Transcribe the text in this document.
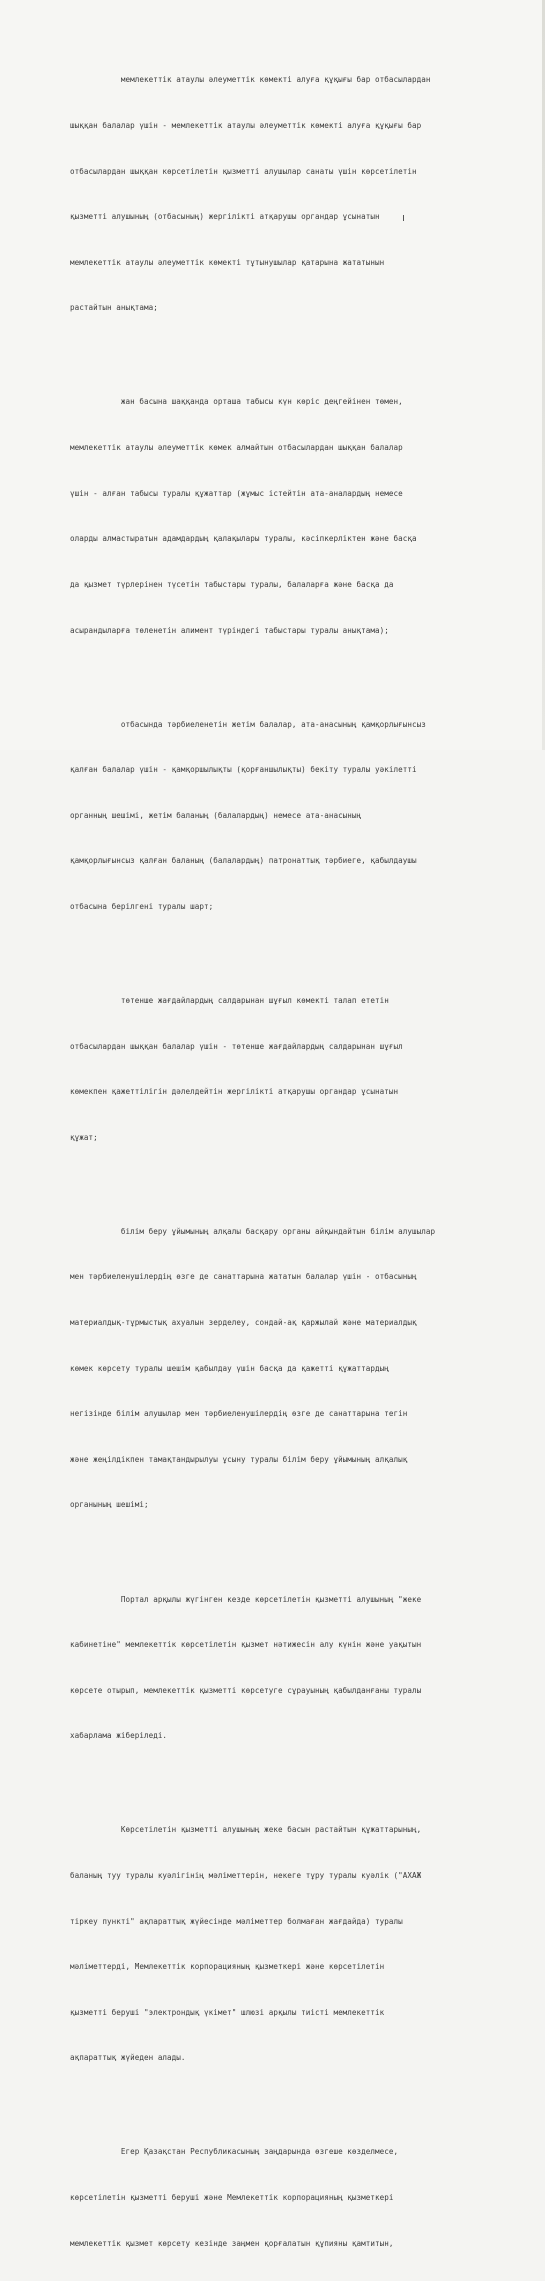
мемлекеттік атаулы әлеуметтік көмекті алуға құқығы бар отбасылардан

шыққан балалар үшін - мемлекеттік атаулы әлеуметтік көмекті алуға құқығы бар

отбасылардан шыққан көрсетілетін қызметті алушылар санаты үшін көрсетілетін

қызметті алушының (отбасының) жергілікті атқарушы органдар ұсынатын

мемлекеттік атаулы әлеуметтік көмекті тұтынушылар қатарына жататынын

растайтын анықтама;

жан басына шаққанда орташа табысы күн көріс деңгейінен төмен,

мемлекеттік атаулы әлеуметтік көмек алмайтын отбасылардан шыққан балалар

үшін - алған табысы туралы құжаттар (жұмыс істейтін ата-аналардың немесе

оларды алмастыратын адамдардың қалақылары туралы, кәсіпкерліктен және басқа

да қызмет түрлерінен түсетін табыстары туралы, балаларға және басқа да

асырандыларға төленетін алимент түріндегі табыстары туралы анықтама);

отбасында тәрбиеленетін жетім балалар, ата-анасының қамқорлығынсыз

қалған балалар үшін - қамқоршылықты (қорғаншылықты) бекіту туралы уәкілетті

органның шешімі, жетім баланың (балалардың) немесе ата-анасының

қамқорлығынсыз қалған баланың (балалардың) патронаттық тәрбиеге, қабылдаушы

отбасына берілгені туралы шарт;

төтенше жағдайлардың салдарынан шұғыл көмекті талап ететін

отбасылардан шыққан балалар үшін - төтенше жағдайлардың салдарынан шұғыл

көмекпен қажеттілігін дәлелдейтін жергілікті атқарушы органдар ұсынатын

құжат;

білім беру ұйымының алқалы басқару органы айқындайтын білім алушылар

мен тәрбиеленушілердің өзге де санаттарына жататын балалар үшін - отбасының

материалдық-тұрмыстық ахуалын зерделеу, сондай-ақ қаржылай және материалдық

көмек көрсету туралы шешім қабылдау үшін басқа да қажетті құжаттардың

негізінде білім алушылар мен тәрбиеленушілердің өзге де санаттарына тегін

және жеңілдікпен тамақтандырылуы ұсыну туралы білім беру ұйымының алқалық

органының шешімі;

Портал арқылы жүгінген кезде көрсетілетін қызметті алушының "жеке

кабинетіне" мемлекеттік көрсетілетін қызмет нәтижесін алу күнін және уақытын

көрсете отырып, мемлекеттік қызметті көрсетуге сұрауының қабылданғаны туралы

хабарлама жіберіледі.

Көрсетілетін қызметті алушының жеке басын растайтын құжаттарының,

баланың туу туралы куәлігінің мәліметтерін, некеге тұру туралы куәлік ("АХАЖ

тіркеу пункті" ақпараттық жүйесінде мәліметтер болмаған жағдайда) туралы

мәліметтерді, Мемлекеттік корпорацияның қызметкері және көрсетілетін

қызметті беруші "электрондық үкімет" шлюзі арқылы тиісті мемлекеттік

ақпараттық жүйеден алады.

Егер Қазақстан Республикасының заңдарында өзгеше көзделмесе,

көрсетілетін қызметті беруші және Мемлекеттік корпорацияның қызметкері

мемлекеттік қызмет көрсету кезінде заңмен қорғалатын құпияны қамтитын,
